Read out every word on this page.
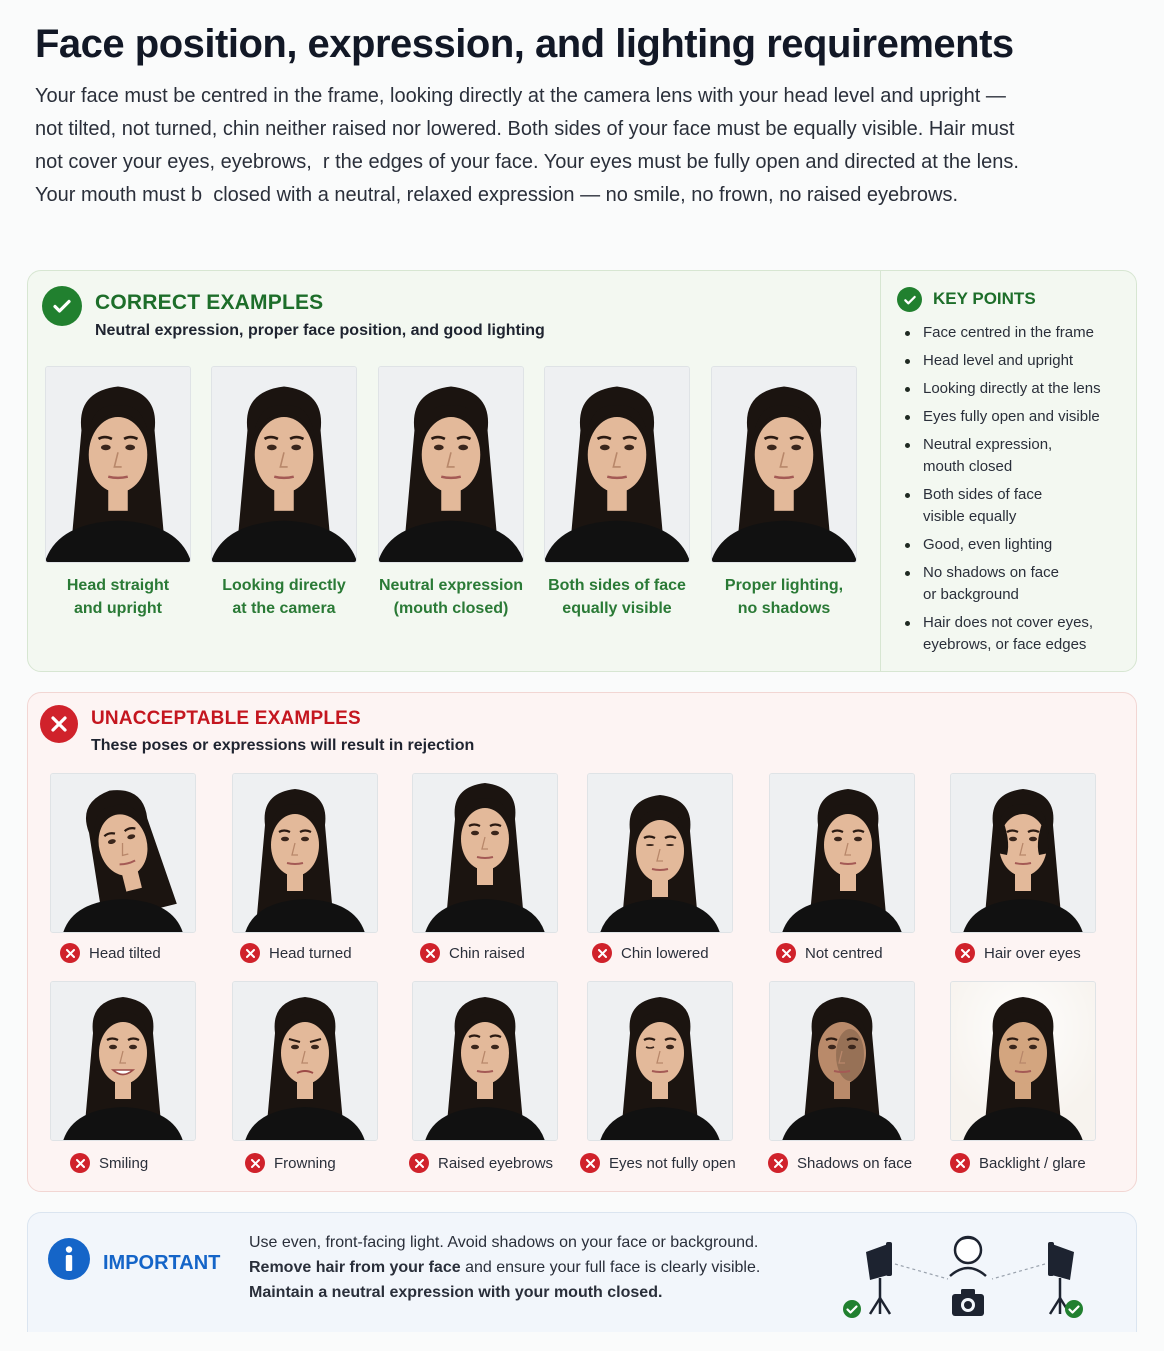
Face position, expression, and lighting requirements

Your face must be centred in the frame, looking directly at the camera lens with your head level and upright — not tilted, not turned, chin neither raised nor lowered. Both sides of your face must be equally visible. Hair must not cover your eyes, eyebrows,  r the edges of your face. Your eyes must be fully open and directed at the lens. Your mouth must b  closed with a neutral, relaxed expression — no smile, no frown, no raised eyebrows.

CORRECT EXAMPLES
Neutral expression, proper face position, and good lighting
Head straight
and upright
Looking directly
at the camera
Neutral expression
(mouth closed)
Both sides of face
equally visible
Proper lighting,
no shadows
KEY POINTS
Face centred in the frame
Head level and upright
Looking directly at the lens
Eyes fully open and visible
Neutral expression, mouth closed
Both sides of face visible equally
Good, even lighting
No shadows on face or background
Hair does not cover eyes, eyebrows, or face edges
UNACCEPTABLE EXAMPLES
These poses or expressions will result in rejection
Head tilted	Head turned	Chin raised	Chin lowered	Not centred	Hair over eyes
Smiling	Frowning	Raised eyebrows	Eyes not fully open	Shadows on face	Backlight / glare
IMPORTANT
Use even, front-facing light. Avoid shadows on your face or background.
Remove hair from your face and ensure your full face is clearly visible.
Maintain a neutral expression with your mouth closed.
